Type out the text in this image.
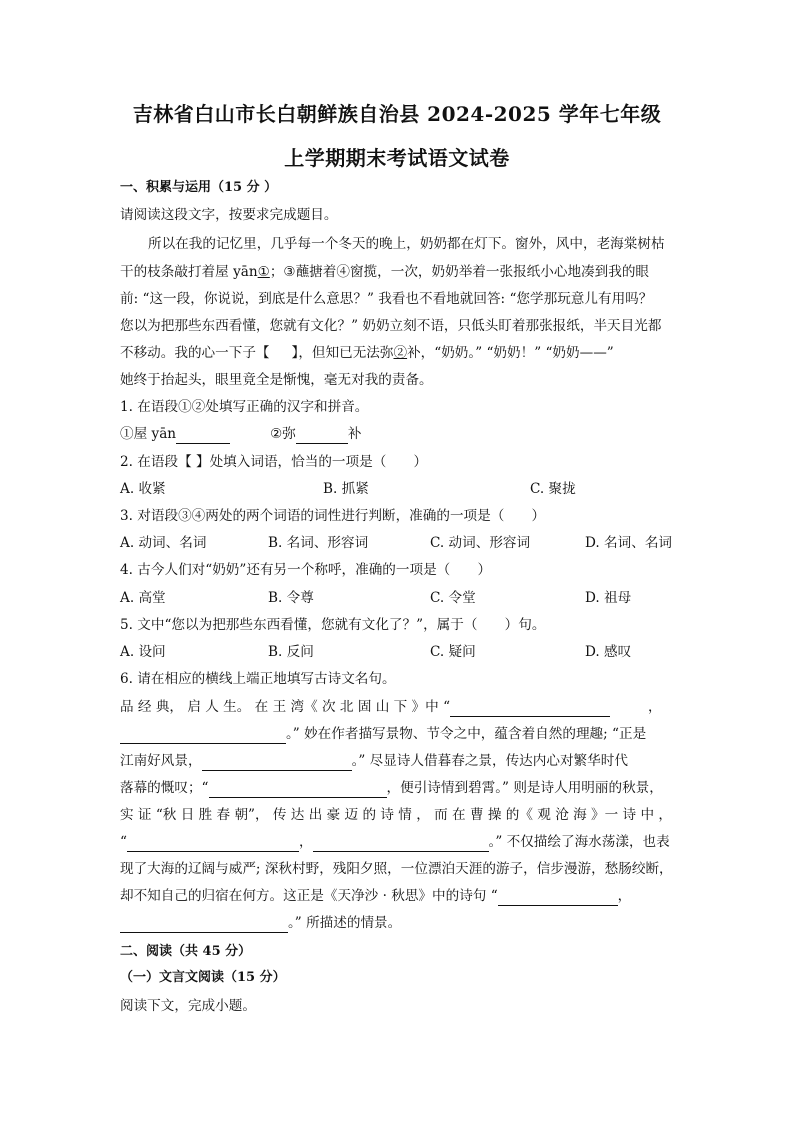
吉林省白山市长白朝鲜族自治县 2024-2025 学年七年级
上学期期末考试语文试卷
一、积累与运用（15 分 ）
请阅读这段文字，按要求完成题目。
所以在我的记忆里，几乎每一个冬天的晚上，奶奶都在灯下。窗外，风中，老海棠树枯
干的枝条敲打着屋 yān①；③蘸搪着④窗揽，一次，奶奶举着一张报纸小心地凑到我的眼
前: “这一段，你说说，到底是什么意思？” 我看也不看地就回答: “您学那玩意儿有用吗？
您以为把那些东西看懂，您就有文化？” 奶奶立刻不语，只低头盯着那张报纸，半天目光都
不移动。我的心一下子【 】，但知已无法弥②补，“奶奶。” “奶奶！” “奶奶——”
她终于抬起头，眼里竟全是惭愧，毫无对我的责备。
1. 在语段①②处填写正确的汉字和拼音。
①屋 yān	②弥	补
2. 在语段【 】处填入词语，恰当的一项是（　　）
A. 收紧	B. 抓紧	C. 聚拢
3. 对语段③④两处的两个词语的词性进行判断，准确的一项是（　　）
A. 动词、名词	B. 名词、形容词	C. 动词、形容词	D. 名词、名词
4. 古今人们对“奶奶”还有另一个称呼，准确的一项是（　　）
A. 高堂	B. 令尊	C. 令堂	D. 祖母
5. 文中“您以为把那些东西看懂，您就有文化了？”，属于（　　）句。
A. 设问	B. 反问	C. 疑问	D. 感叹
6. 请在相应的横线上端正地填写古诗文名句。
品 经 典， 启 人 生。 在 王 湾《 次 北 固 山 下 》中 “	，
。” 妙在作者描写景物、节令之中，蕴含着自然的理趣; “正是
江南好风景，	。” 尽显诗人借暮春之景，传达内心对繁华时代
落幕的慨叹；“	，便引诗情到碧霄。” 则是诗人用明丽的秋景，
实 证 “秋 日 胜 春 朝”， 传 达 出 豪 迈 的 诗 情 ， 而 在 曹 操 的《 观 沧 海 》一 诗 中 ，
“	，	。” 不仅描绘了海水荡漾，也表
现了大海的辽阔与威严; 深秋村野，残阳夕照，一位漂泊天涯的游子，信步漫游，愁肠绞断，
却不知自己的归宿在何方。这正是《天净沙 · 秋思》中的诗句 “	，
。” 所描述的情景。
二、阅读（共 45 分）
（一）文言文阅读（15 分）
阅读下文，完成小题。
